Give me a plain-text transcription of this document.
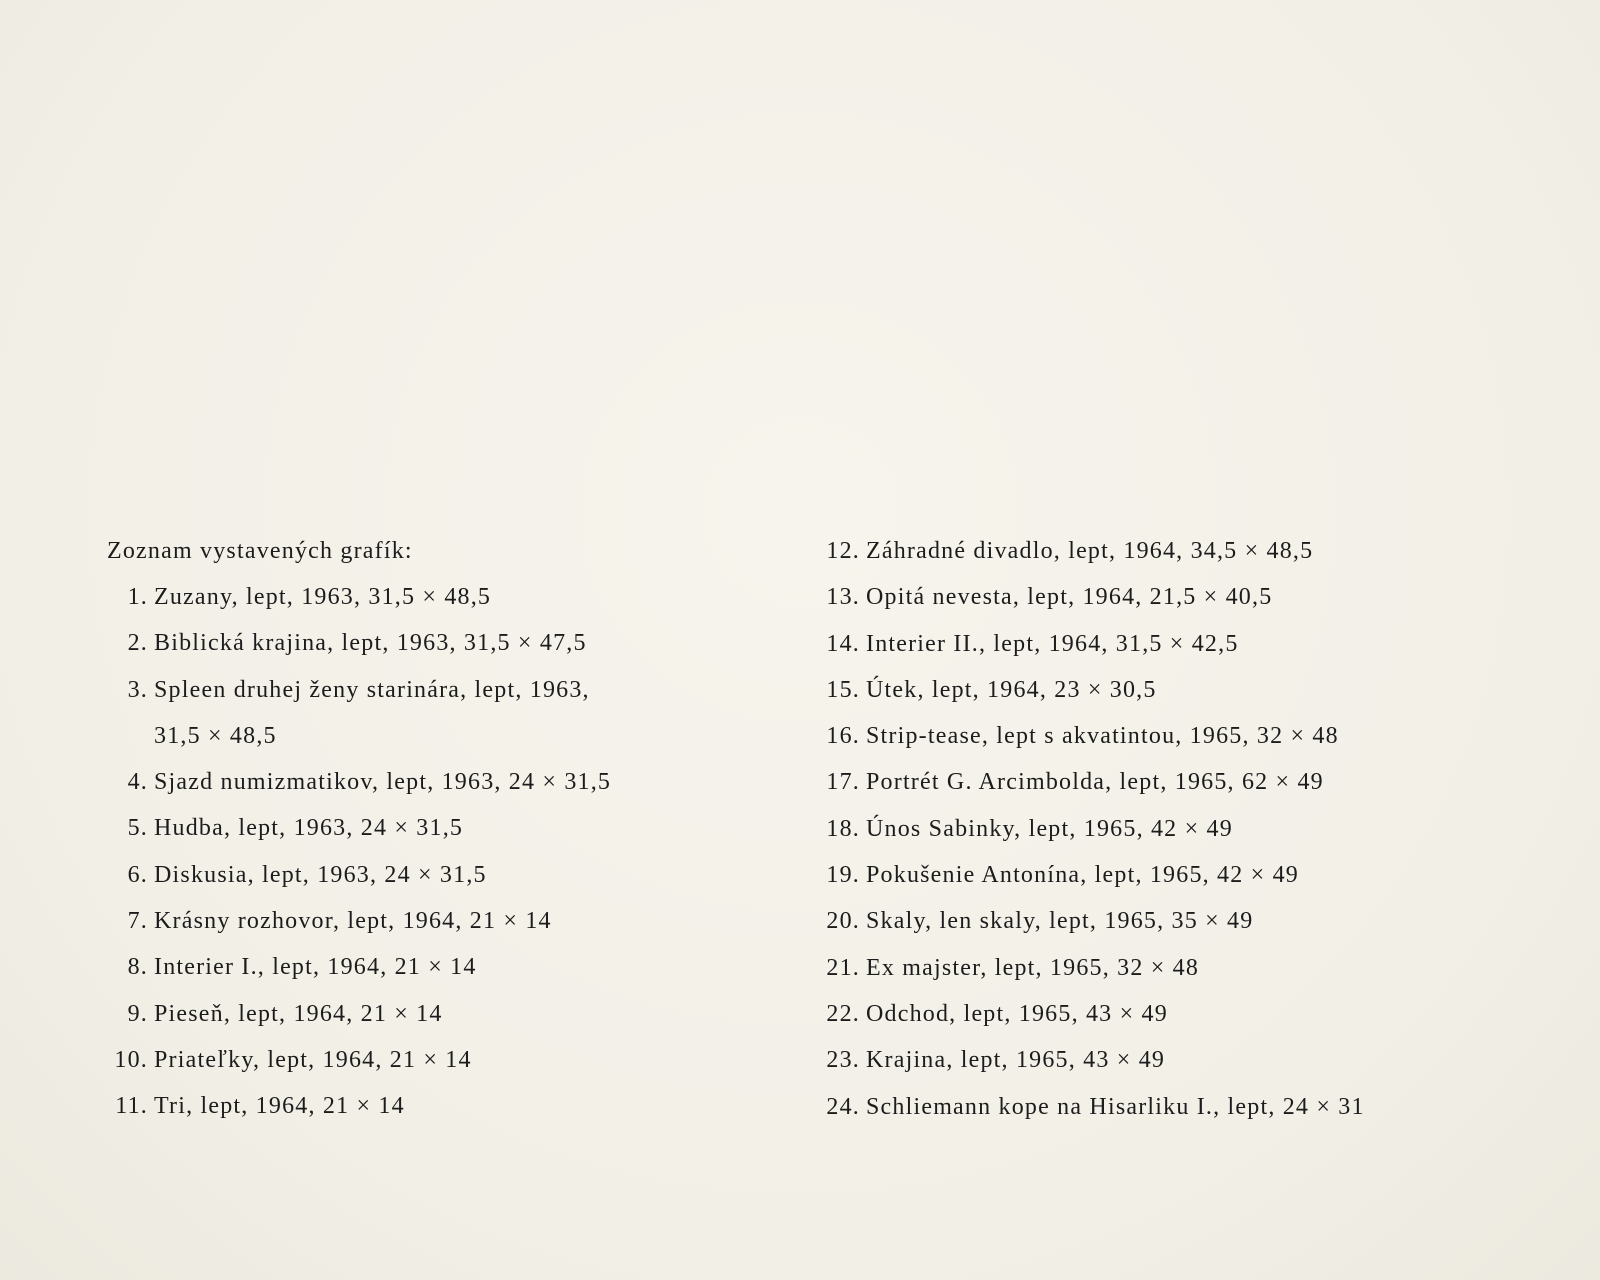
Zoznam vystavených grafík:
1. Zuzany, lept, 1963, 31,5 × 48,5
2. Biblická krajina, lept, 1963, 31,5 × 47,5
3. Spleen druhej ženy starinára, lept, 1963,
31,5 × 48,5
4. Sjazd numizmatikov, lept, 1963, 24 × 31,5
5. Hudba, lept, 1963, 24 × 31,5
6. Diskusia, lept, 1963, 24 × 31,5
7. Krásny rozhovor, lept, 1964, 21 × 14
8. Interier I., lept, 1964, 21 × 14
9. Pieseň, lept, 1964, 21 × 14
10. Priateľky, lept, 1964, 21 × 14
11. Tri, lept, 1964, 21 × 14
12. Záhradné divadlo, lept, 1964, 34,5 × 48,5
13. Opitá nevesta, lept, 1964, 21,5 × 40,5
14. Interier II., lept, 1964, 31,5 × 42,5
15. Útek, lept, 1964, 23 × 30,5
16. Strip-tease, lept s akvatintou, 1965, 32 × 48
17. Portrét G. Arcimbolda, lept, 1965, 62 × 49
18. Únos Sabinky, lept, 1965, 42 × 49
19. Pokušenie Antonína, lept, 1965, 42 × 49
20. Skaly, len skaly, lept, 1965, 35 × 49
21. Ex majster, lept, 1965, 32 × 48
22. Odchod, lept, 1965, 43 × 49
23. Krajina, lept, 1965, 43 × 49
24. Schliemann kope na Hisarliku I., lept, 24 × 31
